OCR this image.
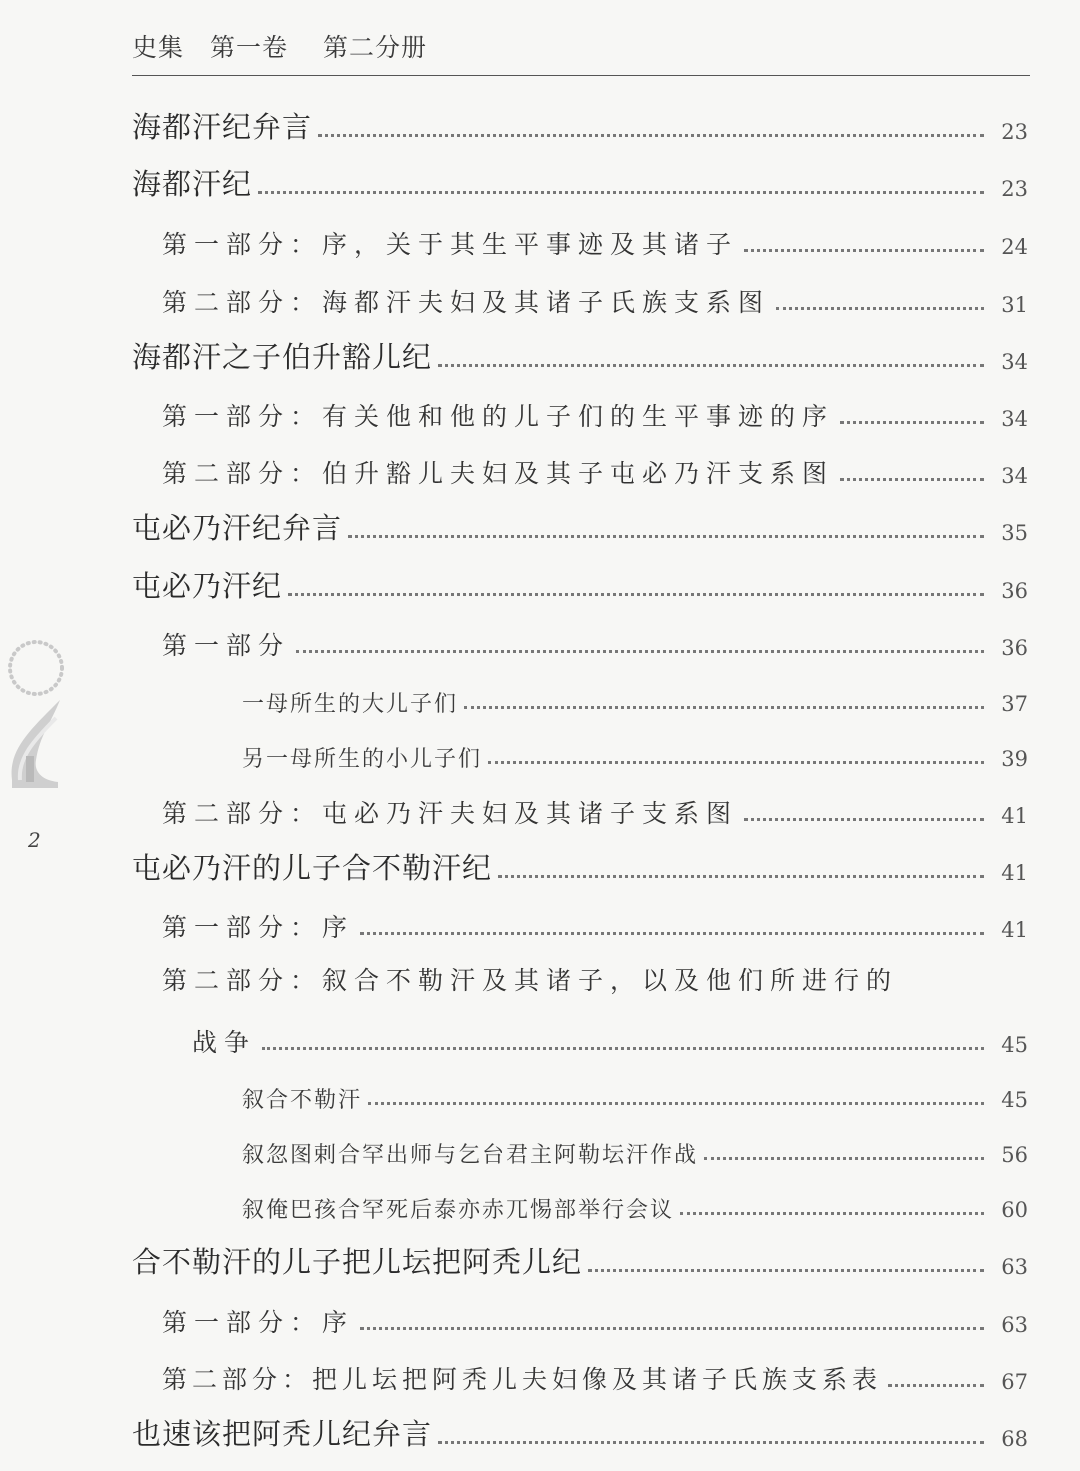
史集　第一卷　 第二分册
海都汗纪弁言	23
海都汗纪	23
第一部分：序，关于其生平事迹及其诸子	24
第二部分：海都汗夫妇及其诸子氏族支系图	31
海都汗之子伯升豁儿纪	34
第一部分：有关他和他的儿子们的生平事迹的序	34
第二部分：伯升豁儿夫妇及其子屯必乃汗支系图	34
屯必乃汗纪弁言	35
屯必乃汗纪	36
第一部分	36
一母所生的大儿子们	37
另一母所生的小儿子们	39
第二部分：屯必乃汗夫妇及其诸子支系图	41
屯必乃汗的儿子合不勒汗纪	41
第一部分：序	41
第二部分：叙合不勒汗及其诸子，以及他们所进行的
战争	45
叙合不勒汗	45
叙忽图剌合罕出师与乞台君主阿勒坛汗作战	56
叙俺巴孩合罕死后泰亦赤兀惕部举行会议	60
合不勒汗的儿子把儿坛把阿秃儿纪	63
第一部分：序	63
第二部分：把儿坛把阿秃儿夫妇像及其诸子氏族支系表	67
也速该把阿秃儿纪弁言	68
2
